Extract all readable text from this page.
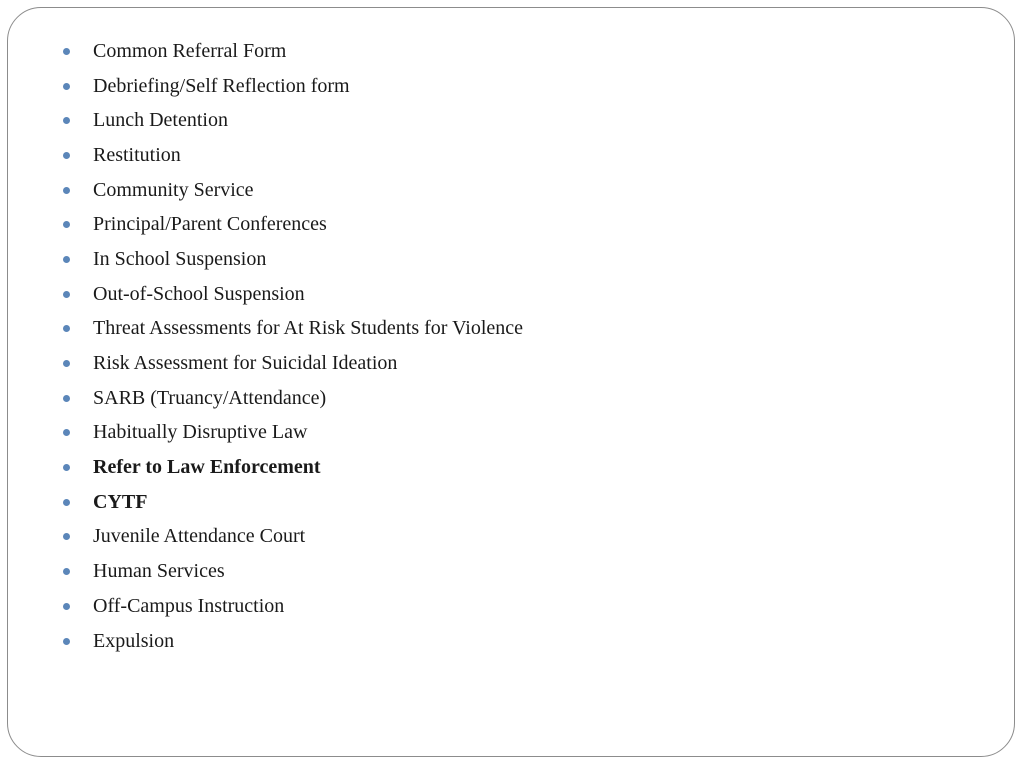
Common Referral Form
Debriefing/Self Reflection form
Lunch Detention
Restitution
Community Service
Principal/Parent Conferences
In School Suspension
Out-of-School Suspension
Threat Assessments for At Risk Students for Violence
Risk Assessment for Suicidal Ideation
SARB (Truancy/Attendance)
Habitually Disruptive Law
Refer to Law Enforcement
CYTF
Juvenile Attendance Court
Human Services
Off-Campus Instruction
Expulsion
